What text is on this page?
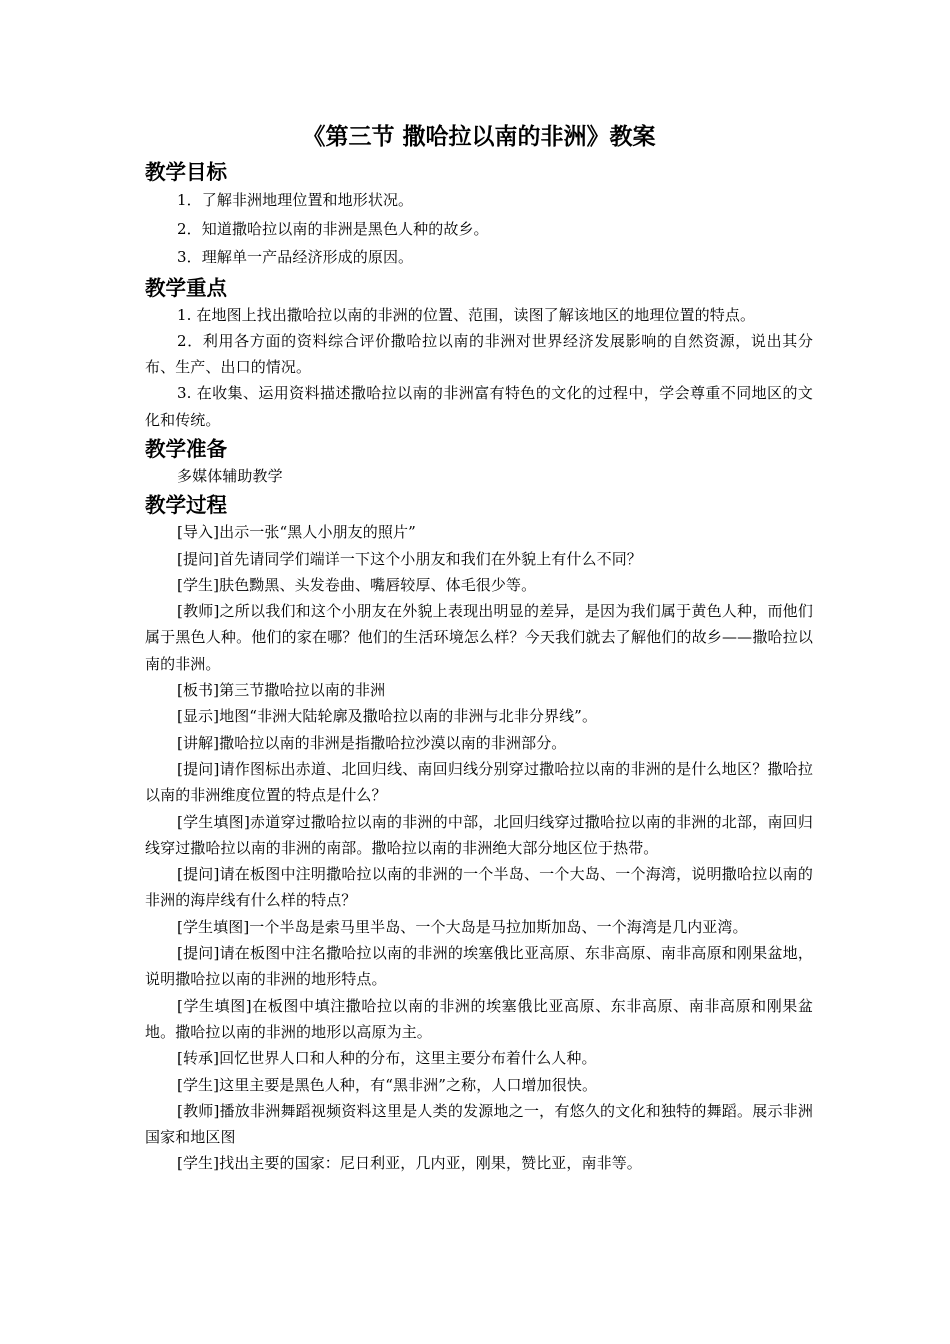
《第三节 撒哈拉以南的非洲》教案
教学目标

1．了解非洲地理位置和地形状况。

2．知道撒哈拉以南的非洲是黑色人种的故乡。

3．理解单一产品经济形成的原因。

教学重点

1. 在地图上找出撒哈拉以南的非洲的位置、范围，读图了解该地区的地理位置的特点。

2．利用各方面的资料综合评价撒哈拉以南的非洲对世界经济发展影响的自然资源，说出其分布、生产、出口的情况。

3. 在收集、运用资料描述撒哈拉以南的非洲富有特色的文化的过程中，学会尊重不同地区的文化和传统。

教学准备

多媒体辅助教学

教学过程

[导入]出示一张“黑人小朋友的照片”

[提问]首先请同学们端详一下这个小朋友和我们在外貌上有什么不同？

[学生]肤色黝黑、头发卷曲、嘴唇较厚、体毛很少等。

[教师]之所以我们和这个小朋友在外貌上表现出明显的差异，是因为我们属于黄色人种，而他们属于黑色人种。他们的家在哪？他们的生活环境怎么样？今天我们就去了解他们的故乡——撒哈拉以南的非洲。

[板书]第三节撒哈拉以南的非洲

[显示]地图“非洲大陆轮廓及撒哈拉以南的非洲与北非分界线”。

[讲解]撒哈拉以南的非洲是指撒哈拉沙漠以南的非洲部分。

[提问]请作图标出赤道、北回归线、南回归线分别穿过撒哈拉以南的非洲的是什么地区？撒哈拉以南的非洲维度位置的特点是什么？

[学生填图]赤道穿过撒哈拉以南的非洲的中部，北回归线穿过撒哈拉以南的非洲的北部，南回归线穿过撒哈拉以南的非洲的南部。撒哈拉以南的非洲绝大部分地区位于热带。

[提问]请在板图中注明撒哈拉以南的非洲的一个半岛、一个大岛、一个海湾，说明撒哈拉以南的非洲的海岸线有什么样的特点？

[学生填图]一个半岛是索马里半岛、一个大岛是马拉加斯加岛、一个海湾是几内亚湾。

[提问]请在板图中注名撒哈拉以南的非洲的埃塞俄比亚高原、东非高原、南非高原和刚果盆地，说明撒哈拉以南的非洲的地形特点。

[学生填图]在板图中填注撒哈拉以南的非洲的埃塞俄比亚高原、东非高原、南非高原和刚果盆地。撒哈拉以南的非洲的地形以高原为主。

[转承]回忆世界人口和人种的分布，这里主要分布着什么人种。

[学生]这里主要是黑色人种，有“黑非洲”之称，人口增加很快。

[教师]播放非洲舞蹈视频资料这里是人类的发源地之一，有悠久的文化和独特的舞蹈。展示非洲国家和地区图

[学生]找出主要的国家：尼日利亚，几内亚，刚果，赞比亚，南非等。
